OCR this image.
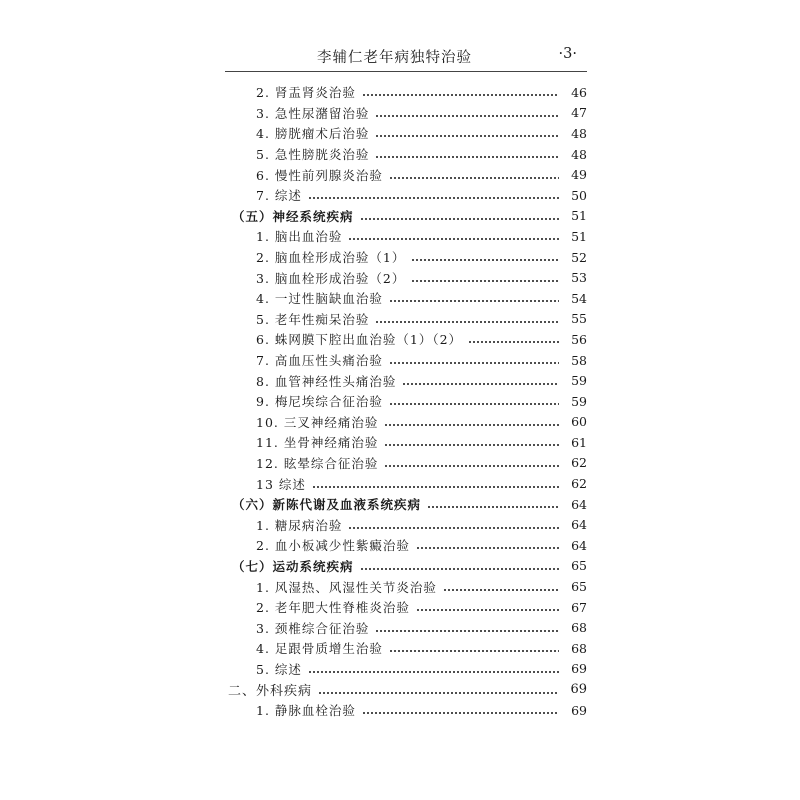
李辅仁老年病独特治验	·3·
2. 肾盂肾炎治验	46
3. 急性尿潴留治验	47
4. 膀胱瘤术后治验	48
5. 急性膀胱炎治验	48
6. 慢性前列腺炎治验	49
7. 综述	50
（五）神经系统疾病	51
1. 脑出血治验	51
2. 脑血栓形成治验（1）	52
3. 脑血栓形成治验（2）	53
4. 一过性脑缺血治验	54
5. 老年性痴呆治验	55
6. 蛛网膜下腔出血治验（1）（2）	56
7. 高血压性头痛治验	58
8. 血管神经性头痛治验	59
9. 梅尼埃综合征治验	59
10. 三叉神经痛治验	60
11. 坐骨神经痛治验	61
12. 眩晕综合征治验	62
13 综述	62
（六）新陈代谢及血液系统疾病	64
1. 糖尿病治验	64
2. 血小板减少性紫癜治验	64
（七）运动系统疾病	65
1. 风湿热、风湿性关节炎治验	65
2. 老年肥大性脊椎炎治验	67
3. 颈椎综合征治验	68
4. 足跟骨质增生治验	68
5. 综述	69
二、外科疾病	69
1. 静脉血栓治验	69
